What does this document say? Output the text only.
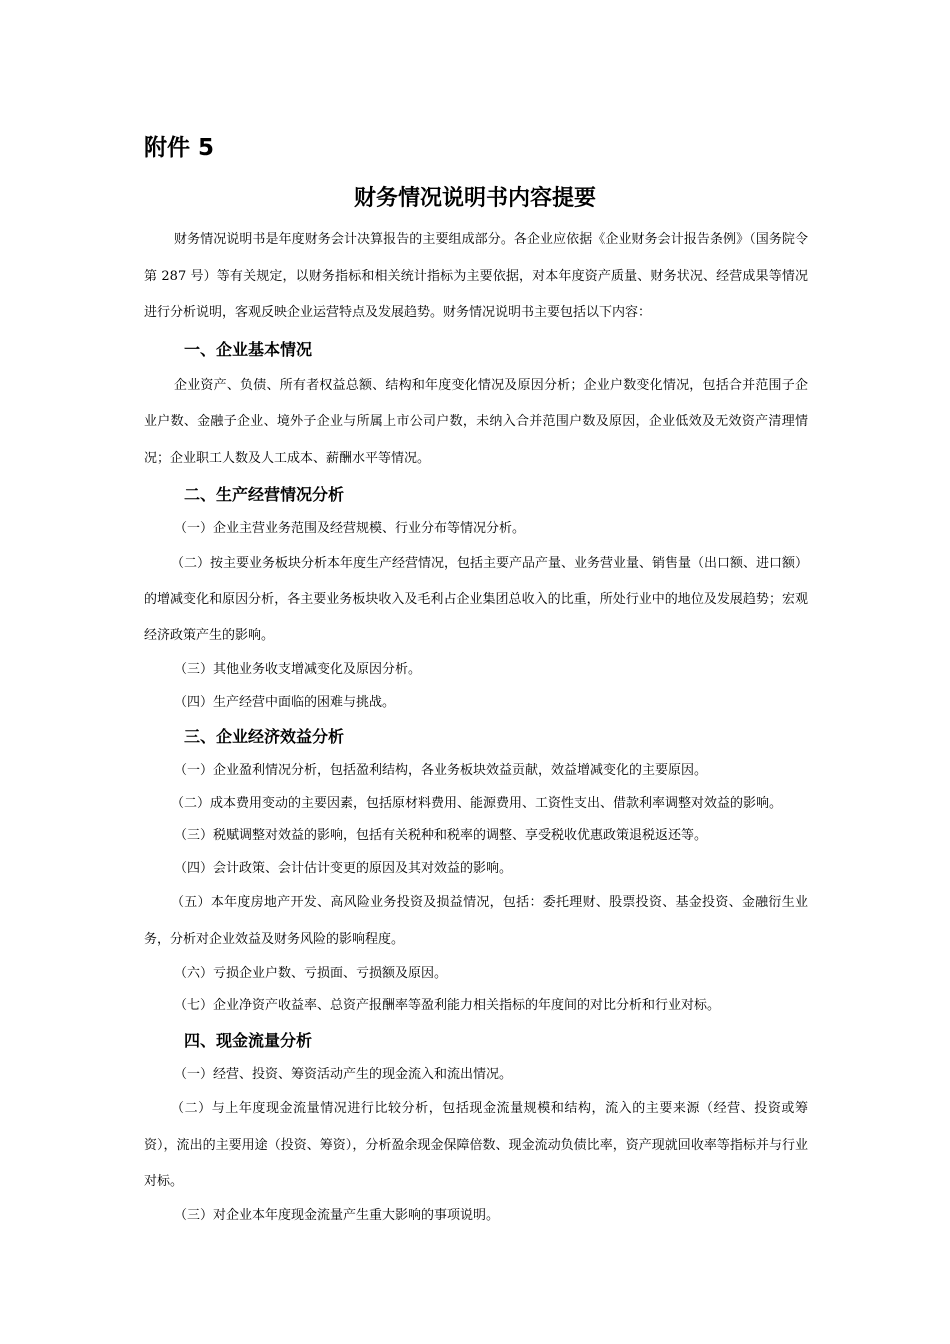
附件 5
财务情况说明书内容提要

财务情况说明书是年度财务会计决算报告的主要组成部分。各企业应依据《企业财务会计报告条例》（国务院令第 287 号）等有关规定，以财务指标和相关统计指标为主要依据，对本年度资产质量、财务状况、经营成果等情况进行分析说明，客观反映企业运营特点及发展趋势。财务情况说明书主要包括以下内容：

一、企业基本情况

企业资产、负债、所有者权益总额、结构和年度变化情况及原因分析；企业户数变化情况，包括合并范围子企业户数、金融子企业、境外子企业与所属上市公司户数，未纳入合并范围户数及原因，企业低效及无效资产清理情况；企业职工人数及人工成本、薪酬水平等情况。

二、生产经营情况分析

（一）企业主营业务范围及经营规模、行业分布等情况分析。

（二）按主要业务板块分析本年度生产经营情况，包括主要产品产量、业务营业量、销售量（出口额、进口额）的增减变化和原因分析，各主要业务板块收入及毛利占企业集团总收入的比重，所处行业中的地位及发展趋势；宏观经济政策产生的影响。

（三）其他业务收支增减变化及原因分析。

（四）生产经营中面临的困难与挑战。

三、企业经济效益分析

（一）企业盈利情况分析，包括盈利结构，各业务板块效益贡献，效益增减变化的主要原因。

（二）成本费用变动的主要因素，包括原材料费用、能源费用、工资性支出、借款利率调整对效益的影响。

（三）税赋调整对效益的影响，包括有关税种和税率的调整、享受税收优惠政策退税返还等。

（四）会计政策、会计估计变更的原因及其对效益的影响。

（五）本年度房地产开发、高风险业务投资及损益情况，包括：委托理财、股票投资、基金投资、金融衍生业务，分析对企业效益及财务风险的影响程度。

（六）亏损企业户数、亏损面、亏损额及原因。

（七）企业净资产收益率、总资产报酬率等盈利能力相关指标的年度间的对比分析和行业对标。

四、现金流量分析

（一）经营、投资、筹资活动产生的现金流入和流出情况。

（二）与上年度现金流量情况进行比较分析，包括现金流量规模和结构，流入的主要来源（经营、投资或筹资），流出的主要用途（投资、筹资），分析盈余现金保障倍数、现金流动负债比率，资产现就回收率等指标并与行业对标。

（三）对企业本年度现金流量产生重大影响的事项说明。
